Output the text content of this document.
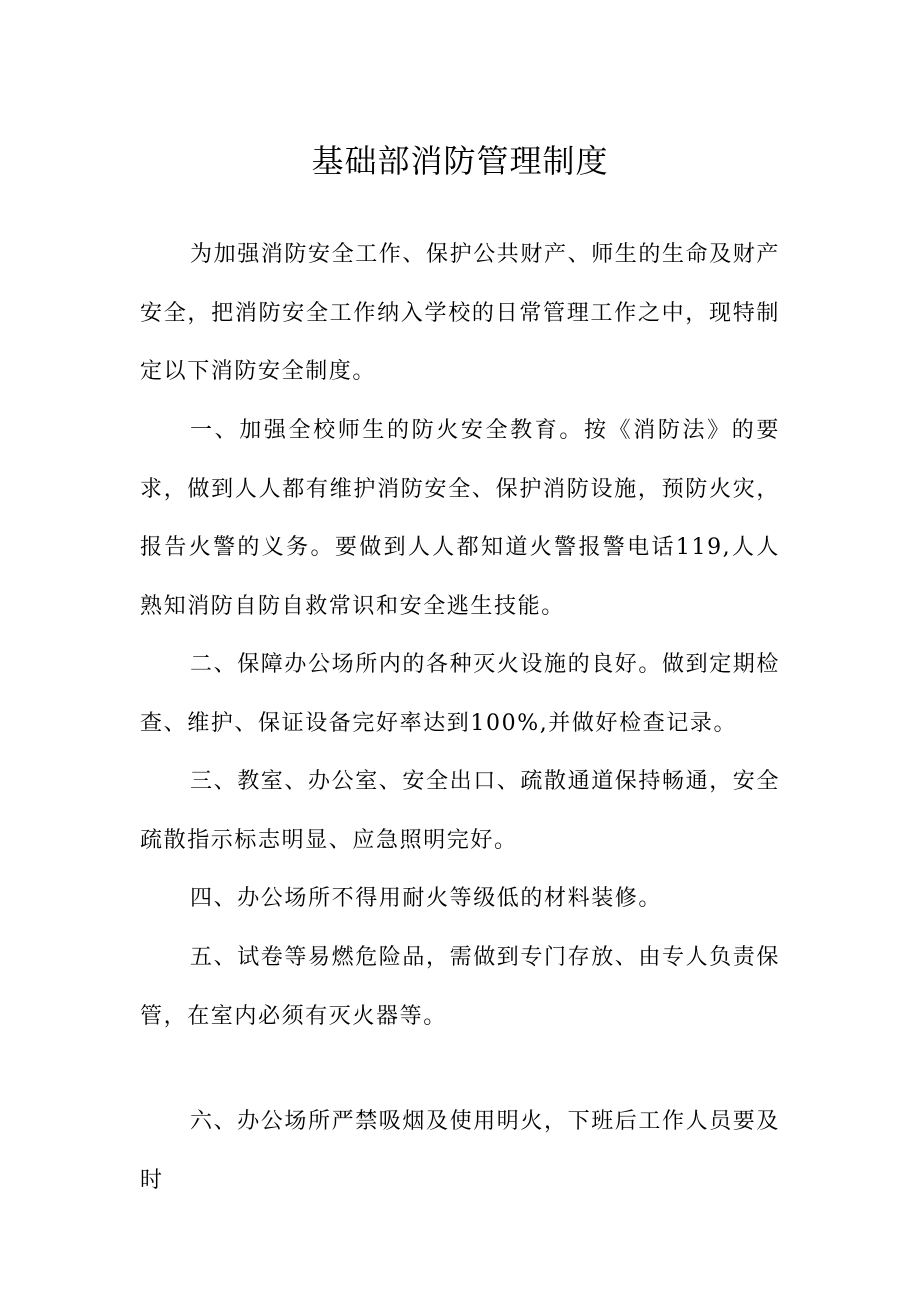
基础部消防管理制度

为加强消防安全工作、保护公共财产、师生的生命及财产安全，把消防安全工作纳入学校的日常管理工作之中，现特制定以下消防安全制度。

一、加强全校师生的防火安全教育。按《消防法》的要求，做到人人都有维护消防安全、保护消防设施，预防火灾，报告火警的义务。要做到人人都知道火警报警电话119,人人熟知消防自防自救常识和安全逃生技能。

二、保障办公场所内的各种灭火设施的良好。做到定期检查、维护、保证设备完好率达到100%,并做好检查记录。

三、教室、办公室、安全出口、疏散通道保持畅通，安全疏散指示标志明显、应急照明完好。

四、办公场所不得用耐火等级低的材料装修。

五、试卷等易燃危险品，需做到专门存放、由专人负责保管，在室内必须有灭火器等。

六、办公场所严禁吸烟及使用明火，下班后工作人员要及时
